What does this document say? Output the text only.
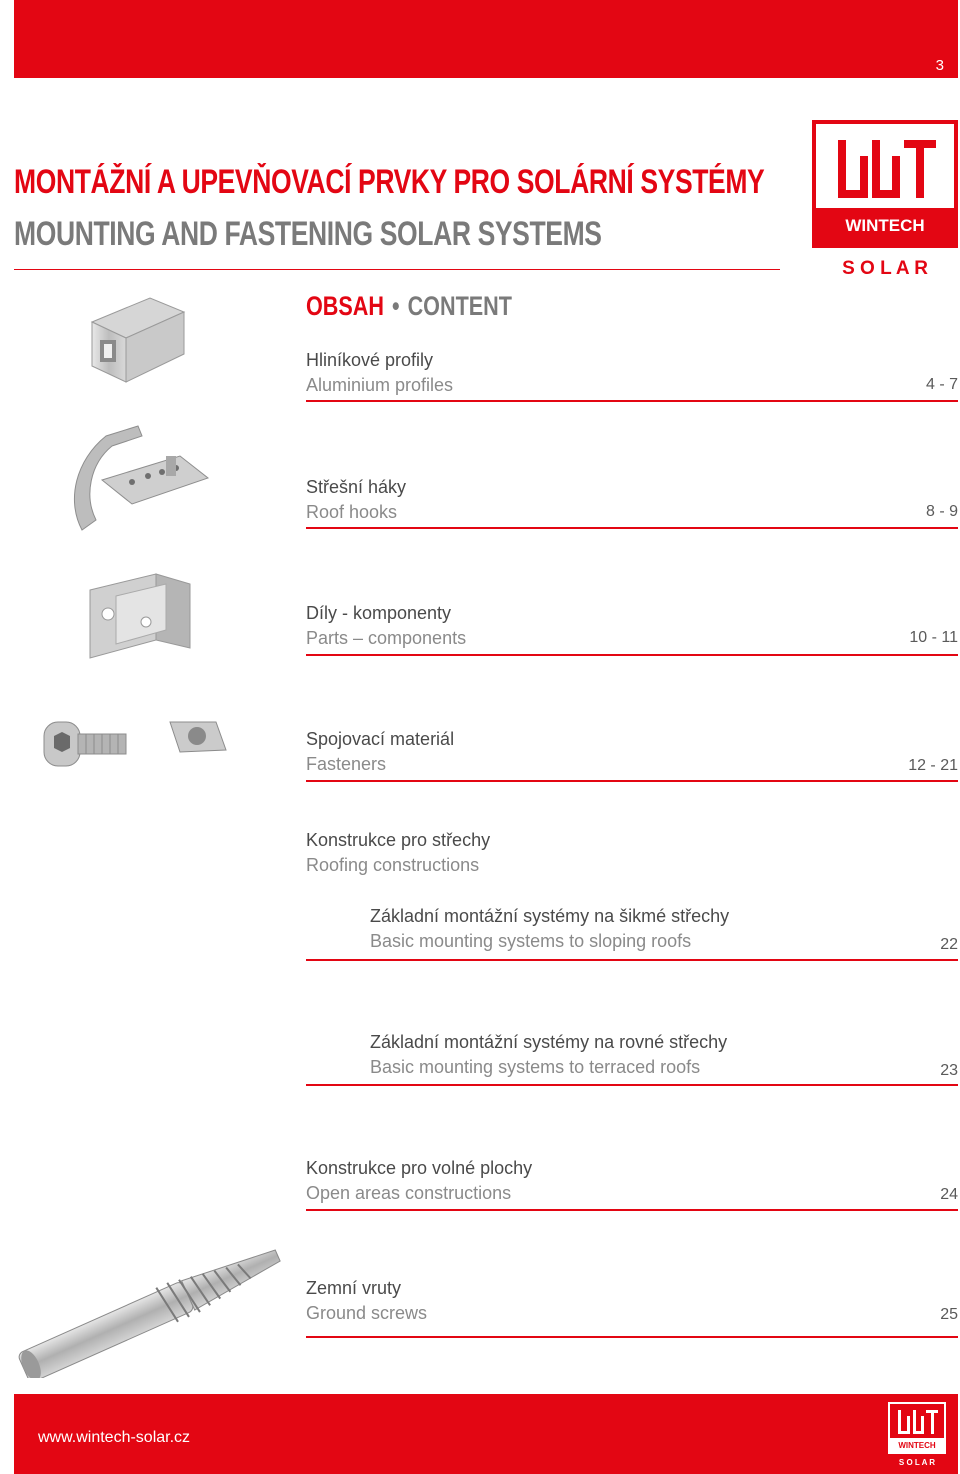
3
MONTÁŽNÍ A UPEVŇOVACÍ PRVKY PRO SOLÁRNÍ SYSTÉMY
MOUNTING AND FASTENING SOLAR SYSTEMS	WINTECH
S O L A R
OBSAH • CONTENT
Hliníkové profily
Aluminium profiles	4 - 7
Střešní háky
Roof hooks	8 - 9
Díly - komponenty
Parts – components	10 - 11
Spojovací materiál
Fasteners	12 - 21
Konstrukce pro střechy
Roofing constructions
Základní montážní systémy na šikmé střechy
Basic mounting systems to sloping roofs	22
Základní montážní systémy na rovné střechy
Basic mounting systems to terraced roofs	23
Konstrukce pro volné plochy
Open areas constructions	24
Zemní vruty
Ground screws	25
www.wintech-solar.cz	WINTECH
S O L A R
